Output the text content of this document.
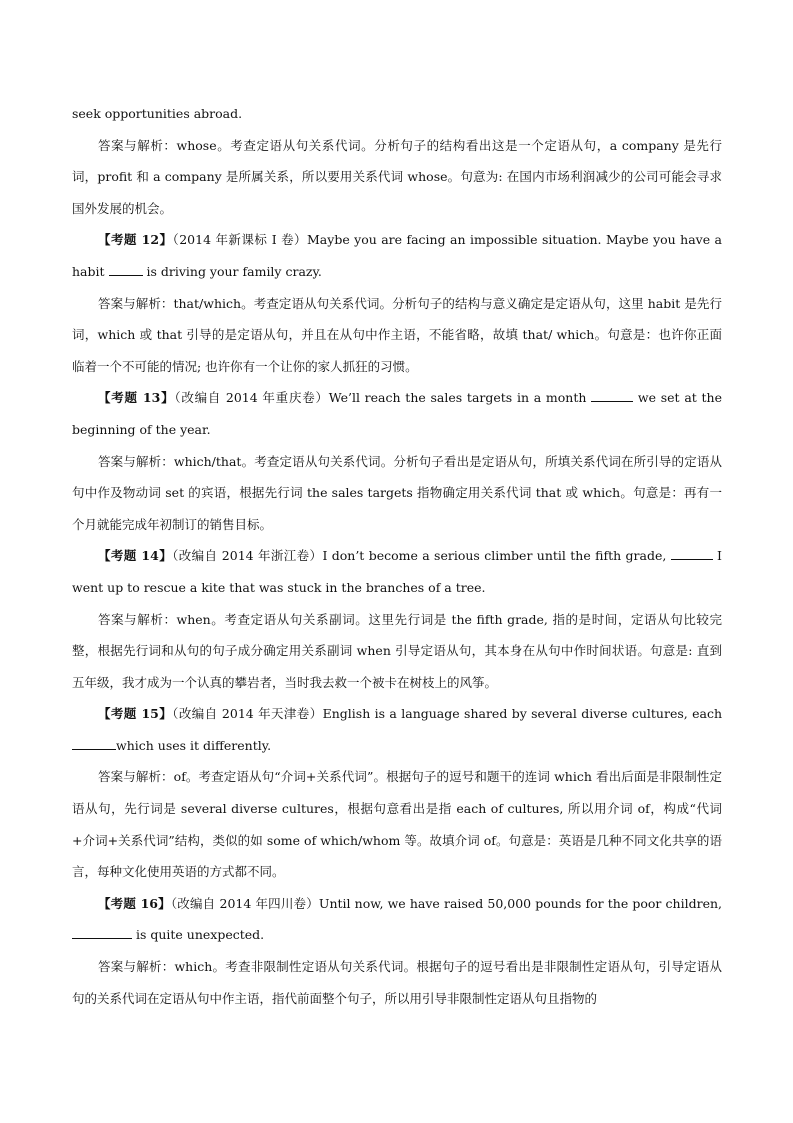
seek opportunities abroad.

答案与解析：whose。考查定语从句关系代词。分析句子的结构看出这是一个定语从句，a company 是先行词，profit 和 a company 是所属关系，所以要用关系代词 whose。句意为: 在国内市场利润减少的公司可能会寻求国外发展的机会。

【考题 12】（2014 年新课标 I 卷）Maybe you are facing an impossible situation. Maybe you have a habit	is driving your family crazy.

答案与解析：that/which。考查定语从句关系代词。分析句子的结构与意义确定是定语从句，这里 habit 是先行词，which 或 that 引导的是定语从句，并且在从句中作主语，不能省略，故填 that/ which。句意是：也许你正面临着一个不可能的情况; 也许你有一个让你的家人抓狂的习惯。

【考题 13】（改编自 2014 年重庆卷）We’ll reach the sales targets in a month	we set at the beginning of the year.

答案与解析：which/that。考查定语从句关系代词。分析句子看出是定语从句，所填关系代词在所引导的定语从句中作及物动词 set 的宾语，根据先行词 the sales targets 指物确定用关系代词 that 或 which。句意是：再有一个月就能完成年初制订的销售目标。

【考题 14】（改编自 2014 年浙江卷）I don’t become a serious climber until the fifth grade,	I went up to rescue a kite that was stuck in the branches of a tree.

答案与解析：when。考查定语从句关系副词。这里先行词是 the fifth grade, 指的是时间，定语从句比较完整，根据先行词和从句的句子成分确定用关系副词 when 引导定语从句，其本身在从句中作时间状语。句意是: 直到五年级，我才成为一个认真的攀岩者，当时我去救一个被卡在树枝上的风筝。

【考题 15】（改编自 2014 年天津卷）English is a language shared by several diverse cultures, eachwhich uses it differently.

答案与解析：of。考查定语从句“介词+关系代词”。根据句子的逗号和题干的连词 which 看出后面是非限制性定语从句，先行词是 several diverse cultures，根据句意看出是指 each of cultures, 所以用介词 of，构成“代词+介词+关系代词”结构，类似的如 some of which/whom 等。故填介词 of。句意是：英语是几种不同文化共享的语言，每种文化使用英语的方式都不同。

【考题 16】（改编自 2014 年四川卷）Until now, we have raised 50,000 pounds for the poor children,  is quite unexpected.

答案与解析：which。考查非限制性定语从句关系代词。根据句子的逗号看出是非限制性定语从句，引导定语从句的关系代词在定语从句中作主语，指代前面整个句子，所以用引导非限制性定语从句且指物的
